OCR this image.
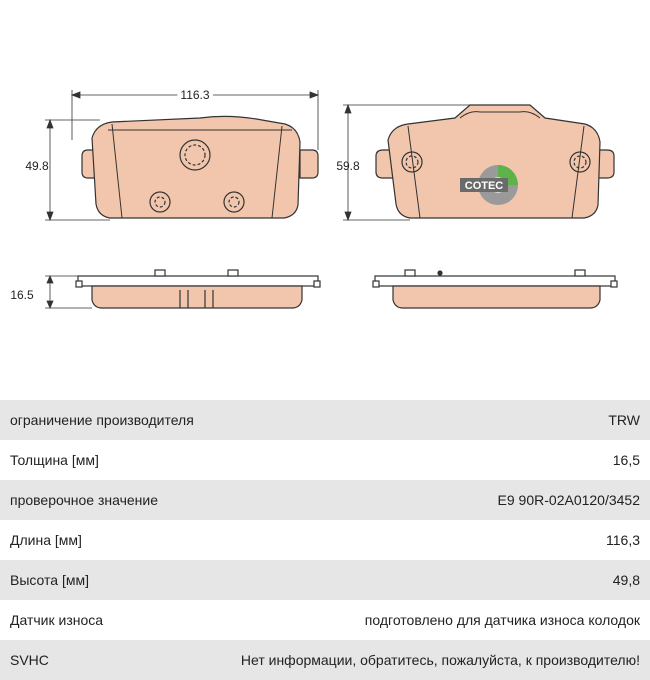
116.3
49.8
COTEC
59.8
16.5
ограничение производителя	TRW
Толщина [мм]	16,5
проверочное значение	E9 90R-02A0120/3452
Длина [мм]	116,3
Высота [мм]	49,8
Датчик износа	подготовлено для датчика износа колодок
SVHC	Нет информации, обратитесь, пожалуйста, к производителю!
